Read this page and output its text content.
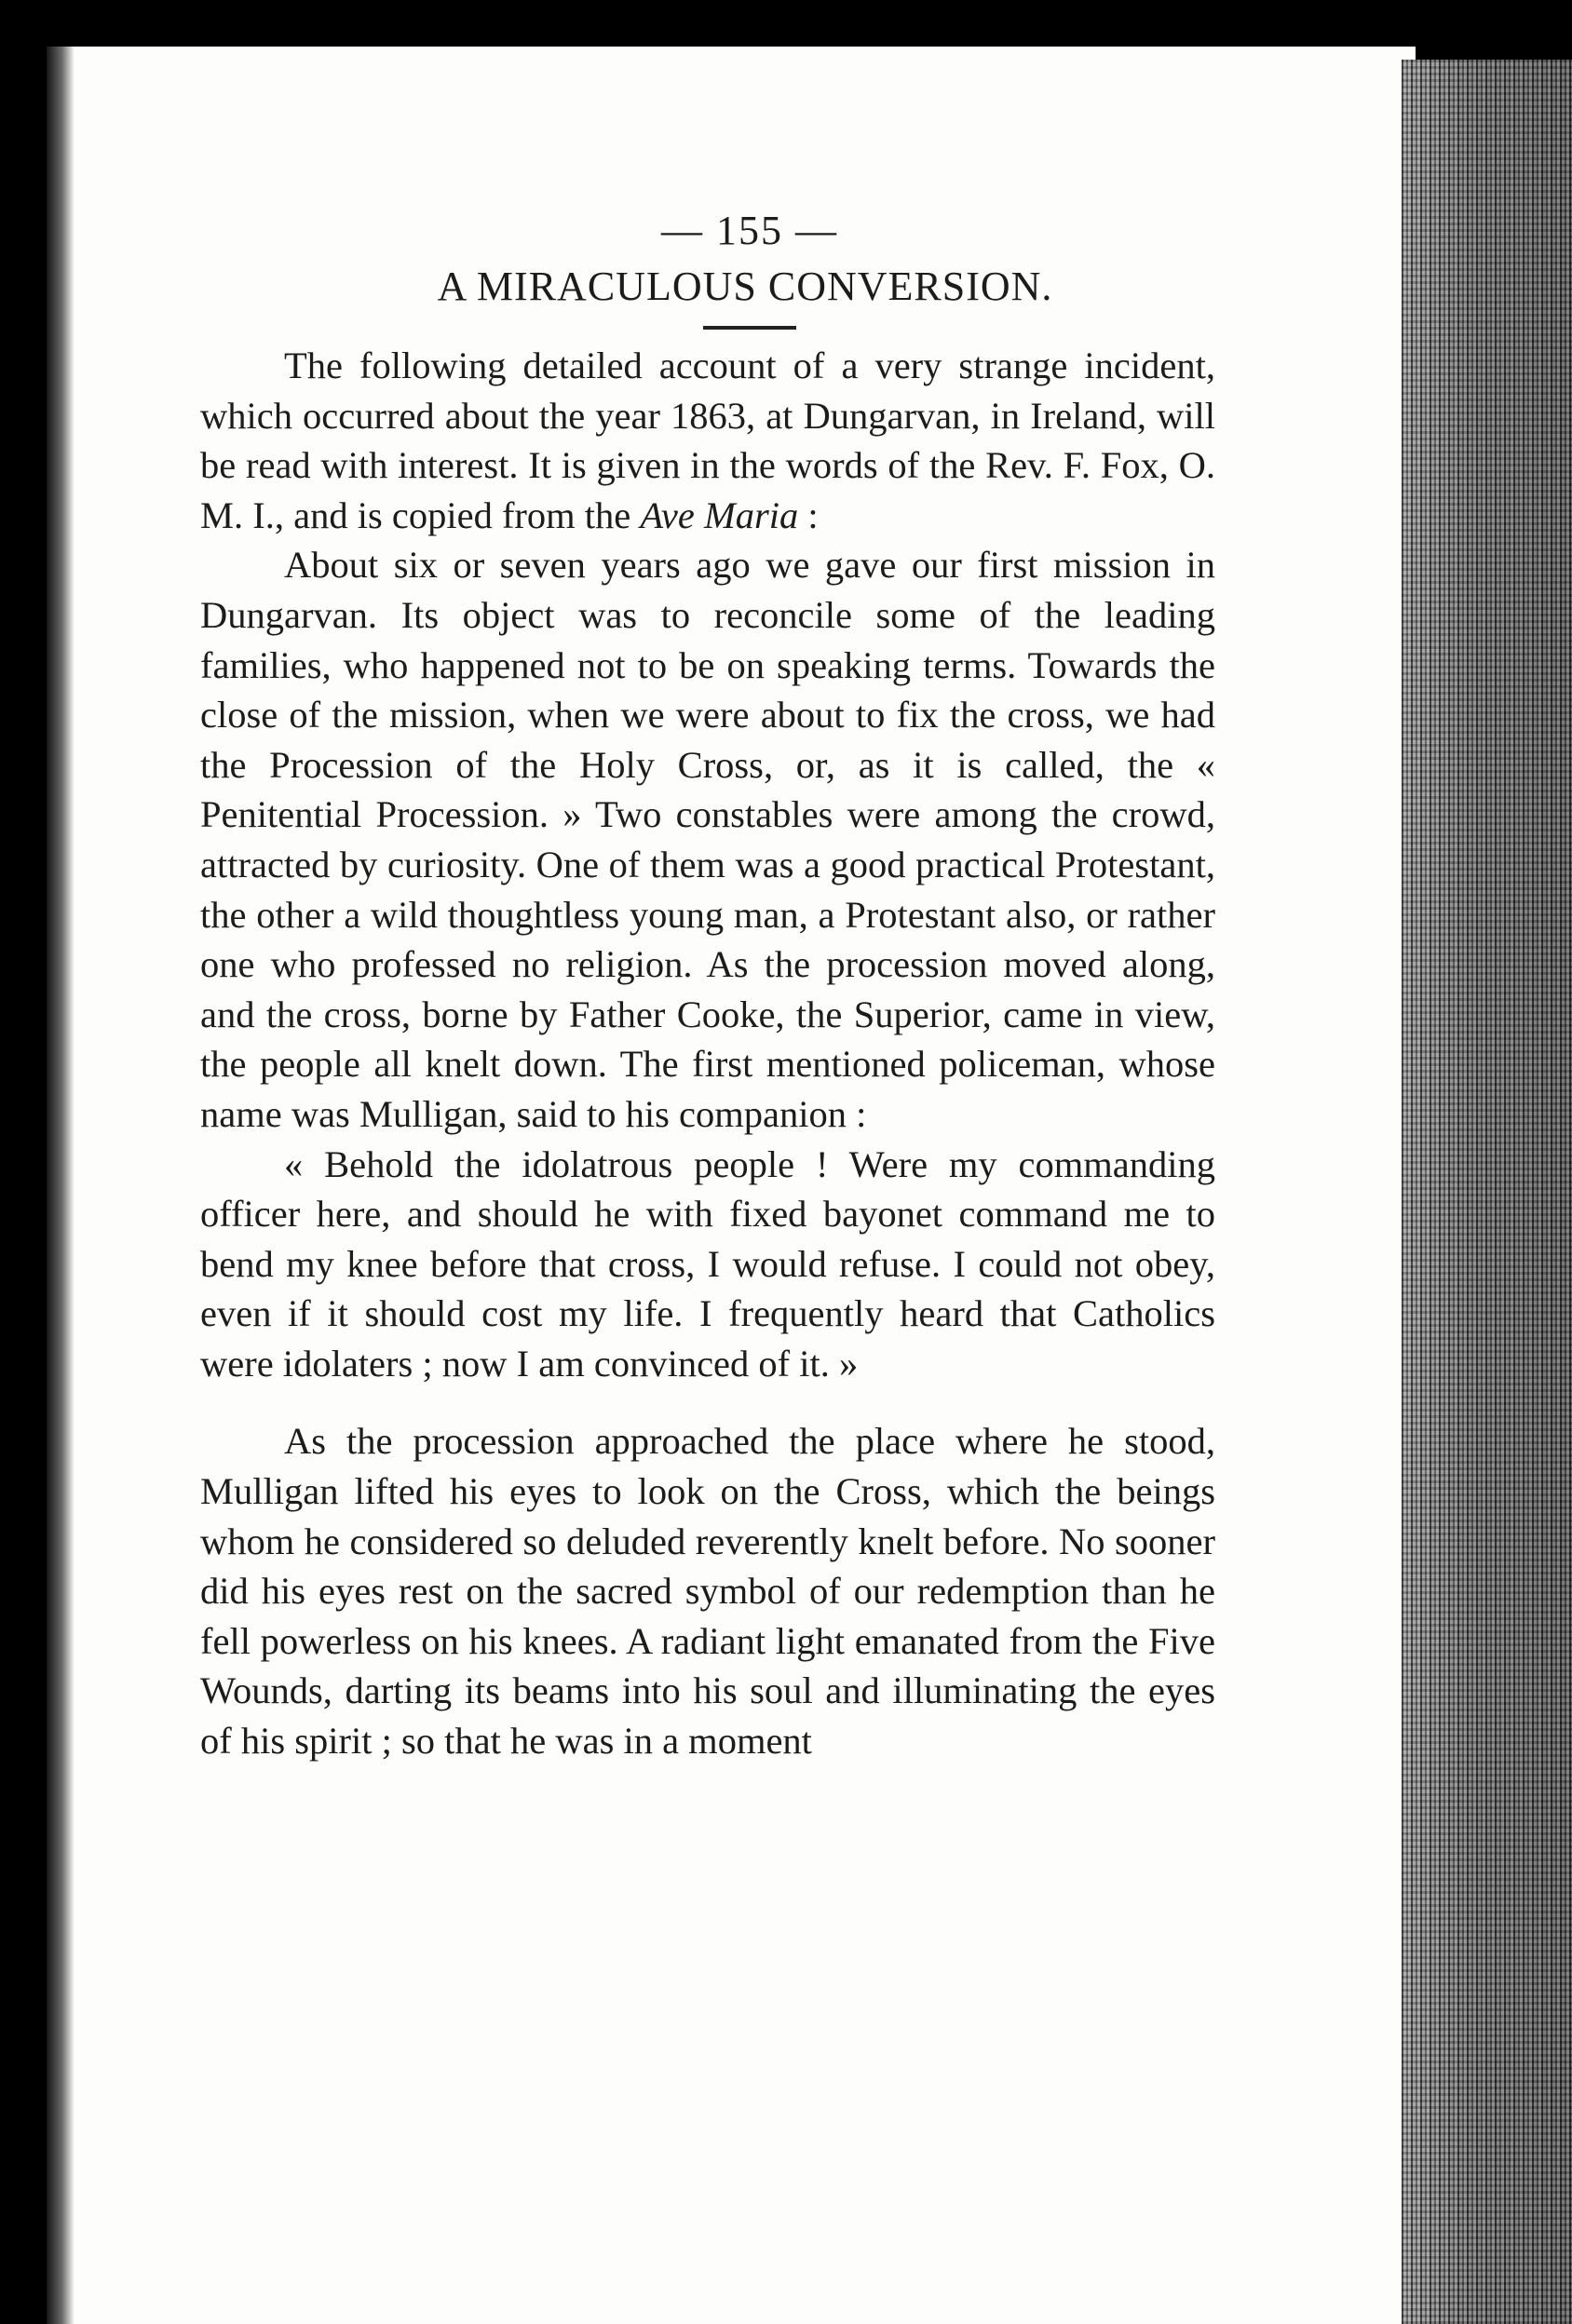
— 155 —
A MIRACULOUS CONVERSION.

The following detailed account of a very strange incident, which occurred about the year 1863, at Dungarvan, in Ireland, will be read with interest. It is given in the words of the Rev. F. Fox, O. M. I., and is copied from the Ave Maria :

About six or seven years ago we gave our first mission in Dungarvan. Its object was to reconcile some of the leading families, who happened not to be on speaking terms. Towards the close of the mission, when we were about to fix the cross, we had the Procession of the Holy Cross, or, as it is called, the « Penitential Procession. » Two constables were among the crowd, attracted by curiosity. One of them was a good practical Protestant, the other a wild thoughtless young man, a Protestant also, or rather one who professed no religion. As the procession moved along, and the cross, borne by Father Cooke, the Superior, came in view, the people all knelt down. The first mentioned policeman, whose name was Mulligan, said to his companion :

« Behold the idolatrous people ! Were my commanding officer here, and should he with fixed bayonet command me to bend my knee before that cross, I would refuse. I could not obey, even if it should cost my life. I frequently heard that Catholics were idolaters ; now I am convinced of it. »

As the procession approached the place where he stood, Mulligan lifted his eyes to look on the Cross, which the beings whom he considered so deluded reverently knelt before. No sooner did his eyes rest on the sacred symbol of our redemption than he fell powerless on his knees. A radiant light emanated from the Five Wounds, darting its beams into his soul and illuminating the eyes of his spirit ; so that he was in a moment
